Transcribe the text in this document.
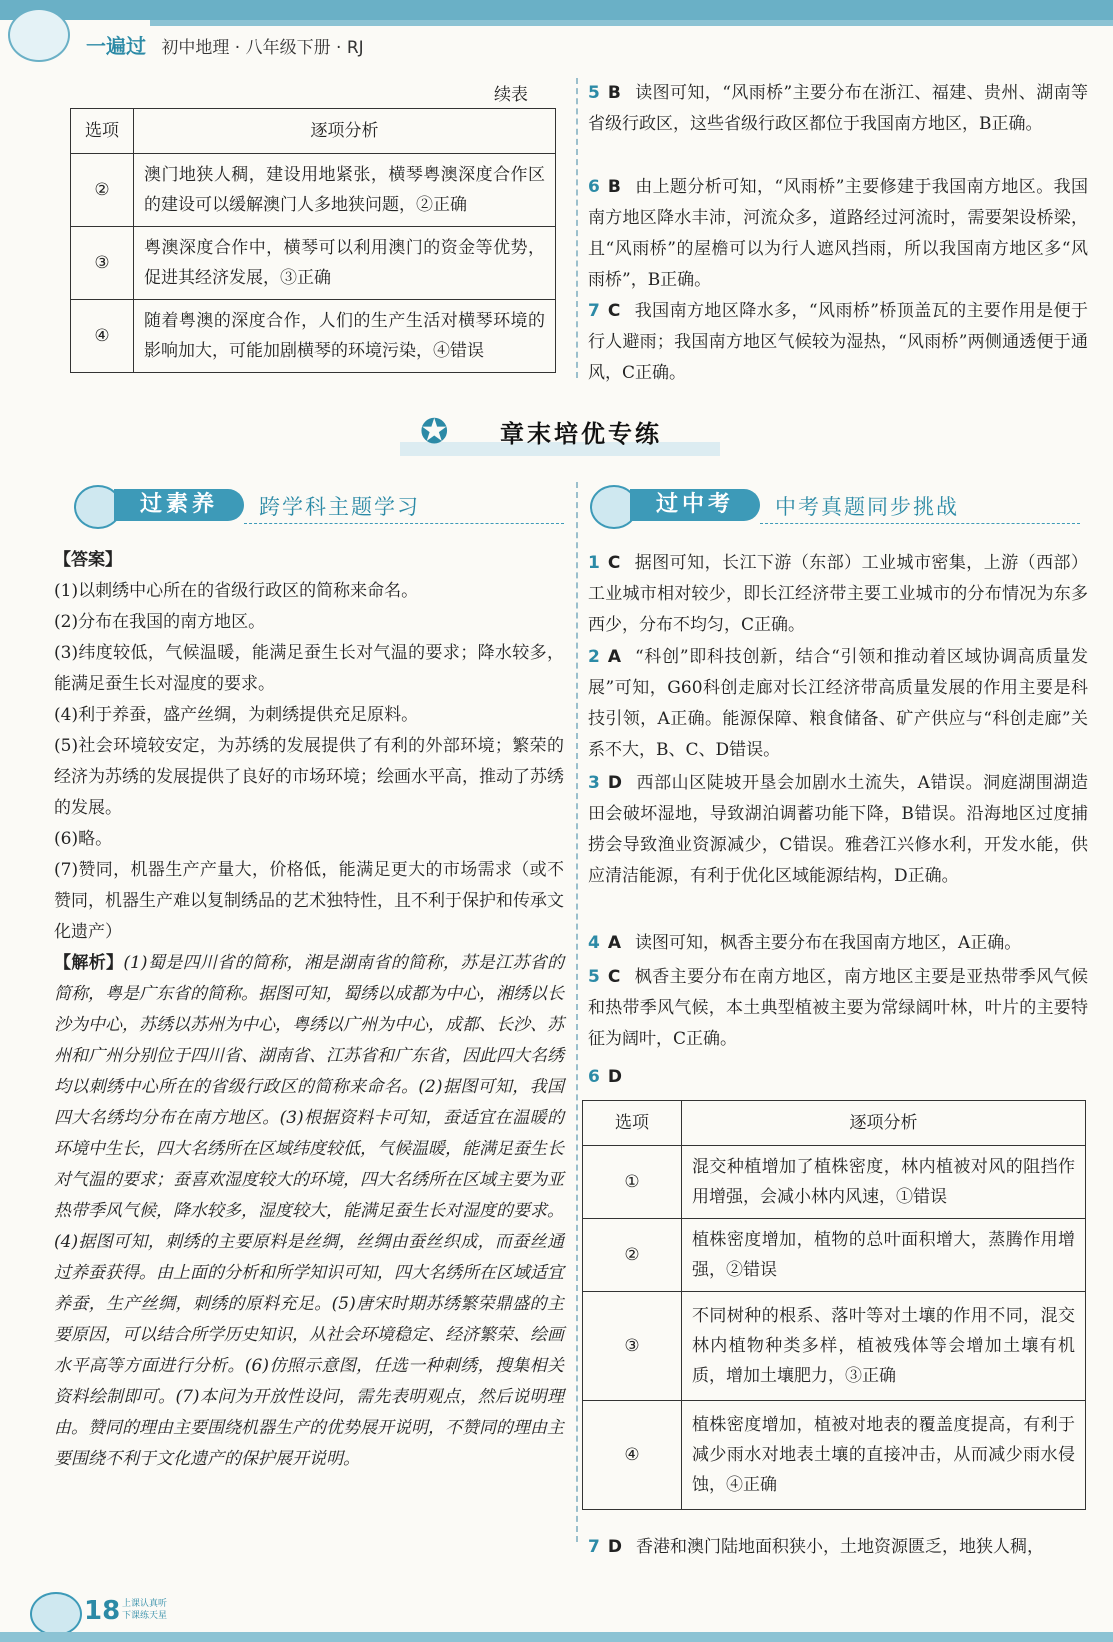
一遍过 初中地理 · 八年级下册 · RJ
续表
选项	逐项分析
②	澳门地狭人稠，建设用地紧张，横琴粤澳深度合作区的建设可以缓解澳门人多地狭问题，②正确
③	粤澳深度合作中，横琴可以利用澳门的资金等优势，促进其经济发展，③正确
④	随着粤澳的深度合作，人们的生产生活对横琴环境的影响加大，可能加剧横琴的环境污染，④错误
5 B 读图可知，“风雨桥”主要分布在浙江、福建、贵州、湖南等省级行政区，这些省级行政区都位于我国南方地区，B正确。
6 B 由上题分析可知，“风雨桥”主要修建于我国南方地区。我国南方地区降水丰沛，河流众多，道路经过河流时，需要架设桥梁，且“风雨桥”的屋檐可以为行人遮风挡雨，所以我国南方地区多“风雨桥”，B正确。
7 C 我国南方地区降水多，“风雨桥”桥顶盖瓦的主要作用是便于行人避雨；我国南方地区气候较为湿热，“风雨桥”两侧通透便于通风，C正确。
✪ 章末培优专练
过素养	跨学科主题学习
【答案】
(1)以刺绣中心所在的省级行政区的简称来命名。
(2)分布在我国的南方地区。
(3)纬度较低，气候温暖，能满足蚕生长对气温的要求；降水较多，能满足蚕生长对湿度的要求。
(4)利于养蚕，盛产丝绸，为刺绣提供充足原料。
(5)社会环境较安定，为苏绣的发展提供了有利的外部环境；繁荣的经济为苏绣的发展提供了良好的市场环境；绘画水平高，推动了苏绣的发展。
(6)略。
(7)赞同，机器生产产量大，价格低，能满足更大的市场需求（或不赞同，机器生产难以复制绣品的艺术独特性，且不利于保护和传承文化遗产）
【解析】(1)蜀是四川省的简称，湘是湖南省的简称，苏是江苏省的简称，粤是广东省的简称。据图可知，蜀绣以成都为中心，湘绣以长沙为中心，苏绣以苏州为中心，粤绣以广州为中心，成都、长沙、苏州和广州分别位于四川省、湖南省、江苏省和广东省，因此四大名绣均以刺绣中心所在的省级行政区的简称来命名。(2)据图可知，我国四大名绣均分布在南方地区。(3)根据资料卡可知，蚕适宜在温暖的环境中生长，四大名绣所在区域纬度较低，气候温暖，能满足蚕生长对气温的要求；蚕喜欢湿度较大的环境，四大名绣所在区域主要为亚热带季风气候，降水较多，湿度较大，能满足蚕生长对湿度的要求。(4)据图可知，刺绣的主要原料是丝绸，丝绸由蚕丝织成，而蚕丝通过养蚕获得。由上面的分析和所学知识可知，四大名绣所在区域适宜养蚕，生产丝绸，刺绣的原料充足。(5)唐宋时期苏绣繁荣鼎盛的主要原因，可以结合所学历史知识，从社会环境稳定、经济繁荣、绘画水平高等方面进行分析。(6)仿照示意图，任选一种刺绣，搜集相关资料绘制即可。(7)本问为开放性设问，需先表明观点，然后说明理由。赞同的理由主要围绕机器生产的优势展开说明，不赞同的理由主要围绕不利于文化遗产的保护展开说明。
过中考	中考真题同步挑战
1 C 据图可知，长江下游（东部）工业城市密集，上游（西部）工业城市相对较少，即长江经济带主要工业城市的分布情况为东多西少，分布不均匀，C正确。
2 A “科创”即科技创新，结合“引领和推动着区域协调高质量发展”可知，G60科创走廊对长江经济带高质量发展的作用主要是科技引领，A正确。能源保障、粮食储备、矿产供应与“科创走廊”关系不大，B、C、D错误。
3 D 西部山区陡坡开垦会加剧水土流失，A错误。洞庭湖围湖造田会破坏湿地，导致湖泊调蓄功能下降，B错误。沿海地区过度捕捞会导致渔业资源减少，C错误。雅砻江兴修水利，开发水能，供应清洁能源，有利于优化区域能源结构，D正确。
4 A 读图可知，枫香主要分布在我国南方地区，A正确。
5 C 枫香主要分布在南方地区，南方地区主要是亚热带季风气候和热带季风气候，本土典型植被主要为常绿阔叶林，叶片的主要特征为阔叶，C正确。
6 D
选项	逐项分析
①	混交种植增加了植株密度，林内植被对风的阻挡作用增强，会减小林内风速，①错误
②	植株密度增加，植物的总叶面积增大，蒸腾作用增强，②错误
③	不同树种的根系、落叶等对土壤的作用不同，混交林内植物种类多样，植被残体等会增加土壤有机质，增加土壤肥力，③正确
④	植株密度增加，植被对地表的覆盖度提高，有利于减少雨水对地表土壤的直接冲击，从而减少雨水侵蚀，④正确
7 D 香港和澳门陆地面积狭小，土地资源匮乏，地狭人稠，
18 上课认真听
下课练天星
